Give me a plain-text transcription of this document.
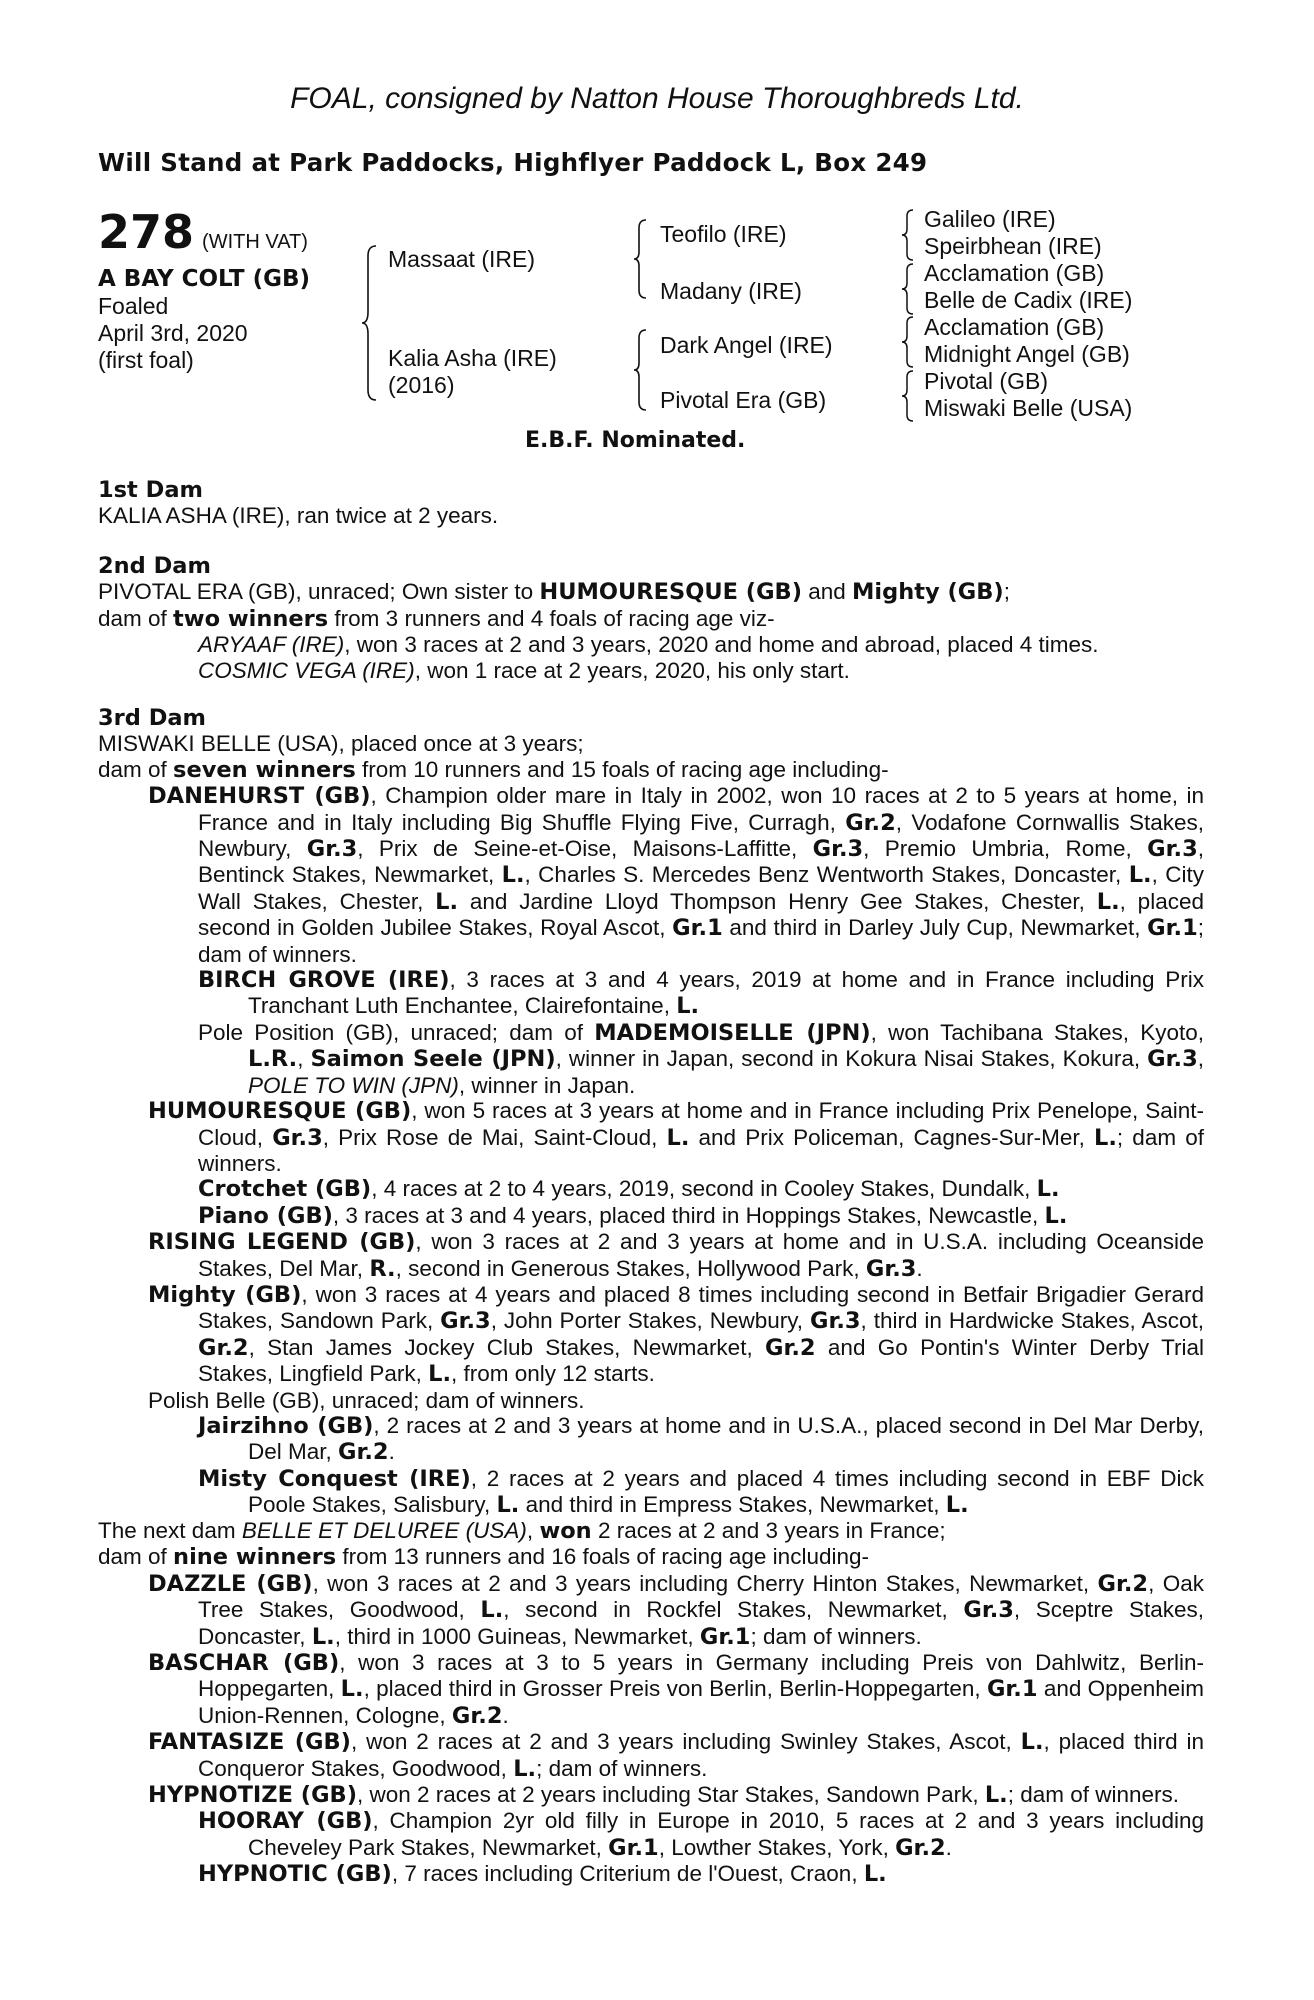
FOAL, consigned by Natton House Thoroughbreds Ltd.
Will Stand at Park Paddocks, Highflyer Paddock L, Box 249
278 (WITH VAT)
A BAY COLT (GB)
Foaled
April 3rd, 2020
(first foal)
Massaat (IRE)
Kalia Asha (IRE)
(2016)
Teofilo (IRE)
Madany (IRE)
Dark Angel (IRE)
Pivotal Era (GB)
Galileo (IRE)
Speirbhean (IRE)
Acclamation (GB)
Belle de Cadix (IRE)
Acclamation (GB)
Midnight Angel (GB)
Pivotal (GB)
Miswaki Belle (USA)
E.B.F. Nominated.
1st Dam
KALIA ASHA (IRE), ran twice at 2 years.
2nd Dam
PIVOTAL ERA (GB), unraced; Own sister to HUMOURESQUE (GB) and Mighty (GB);
dam of two winners from 3 runners and 4 foals of racing age viz-
ARYAAF (IRE), won 3 races at 2 and 3 years, 2020 and home and abroad, placed 4 times.
COSMIC VEGA (IRE), won 1 race at 2 years, 2020, his only start.
3rd Dam
MISWAKI BELLE (USA), placed once at 3 years;
dam of seven winners from 10 runners and 15 foals of racing age including-
DANEHURST (GB), Champion older mare in Italy in 2002, won 10 races at 2 to 5 years at home, in France and in Italy including Big Shuffle Flying Five, Curragh, Gr.2, Vodafone Cornwallis Stakes, Newbury, Gr.3, Prix de Seine-et-Oise, Maisons-Laffitte, Gr.3, Premio Umbria, Rome, Gr.3, Bentinck Stakes, Newmarket, L., Charles S. Mercedes Benz Wentworth Stakes, Doncaster, L., City Wall Stakes, Chester, L. and Jardine Lloyd Thompson Henry Gee Stakes, Chester, L., placed second in Golden Jubilee Stakes, Royal Ascot, Gr.1 and third in Darley July Cup, Newmarket, Gr.1; dam of winners.
BIRCH GROVE (IRE), 3 races at 3 and 4 years, 2019 at home and in France including Prix Tranchant Luth Enchantee, Clairefontaine, L.
Pole Position (GB), unraced; dam of MADEMOISELLE (JPN), won Tachibana Stakes, Kyoto, L.R., Saimon Seele (JPN), winner in Japan, second in Kokura Nisai Stakes, Kokura, Gr.3, POLE TO WIN (JPN), winner in Japan.
HUMOURESQUE (GB), won 5 races at 3 years at home and in France including Prix Penelope, Saint-Cloud, Gr.3, Prix Rose de Mai, Saint-Cloud, L. and Prix Policeman, Cagnes-Sur-Mer, L.; dam of winners.
Crotchet (GB), 4 races at 2 to 4 years, 2019, second in Cooley Stakes, Dundalk, L.
Piano (GB), 3 races at 3 and 4 years, placed third in Hoppings Stakes, Newcastle, L.
RISING LEGEND (GB), won 3 races at 2 and 3 years at home and in U.S.A. including Oceanside Stakes, Del Mar, R., second in Generous Stakes, Hollywood Park, Gr.3.
Mighty (GB), won 3 races at 4 years and placed 8 times including second in Betfair Brigadier Gerard Stakes, Sandown Park, Gr.3, John Porter Stakes, Newbury, Gr.3, third in Hardwicke Stakes, Ascot, Gr.2, Stan James Jockey Club Stakes, Newmarket, Gr.2 and Go Pontin's Winter Derby Trial Stakes, Lingfield Park, L., from only 12 starts.
Polish Belle (GB), unraced; dam of winners.
Jairzihno (GB), 2 races at 2 and 3 years at home and in U.S.A., placed second in Del Mar Derby, Del Mar, Gr.2.
Misty Conquest (IRE), 2 races at 2 years and placed 4 times including second in EBF Dick Poole Stakes, Salisbury, L. and third in Empress Stakes, Newmarket, L.
The next dam BELLE ET DELUREE (USA), won 2 races at 2 and 3 years in France;
dam of nine winners from 13 runners and 16 foals of racing age including-
DAZZLE (GB), won 3 races at 2 and 3 years including Cherry Hinton Stakes, Newmarket, Gr.2, Oak Tree Stakes, Goodwood, L., second in Rockfel Stakes, Newmarket, Gr.3, Sceptre Stakes, Doncaster, L., third in 1000 Guineas, Newmarket, Gr.1; dam of winners.
BASCHAR (GB), won 3 races at 3 to 5 years in Germany including Preis von Dahlwitz, Berlin-Hoppegarten, L., placed third in Grosser Preis von Berlin, Berlin-Hoppegarten, Gr.1 and Oppenheim Union-Rennen, Cologne, Gr.2.
FANTASIZE (GB), won 2 races at 2 and 3 years including Swinley Stakes, Ascot, L., placed third in Conqueror Stakes, Goodwood, L.; dam of winners.
HYPNOTIZE (GB), won 2 races at 2 years including Star Stakes, Sandown Park, L.; dam of winners.
HOORAY (GB), Champion 2yr old filly in Europe in 2010, 5 races at 2 and 3 years including Cheveley Park Stakes, Newmarket, Gr.1, Lowther Stakes, York, Gr.2.
HYPNOTIC (GB), 7 races including Criterium de l'Ouest, Craon, L.
